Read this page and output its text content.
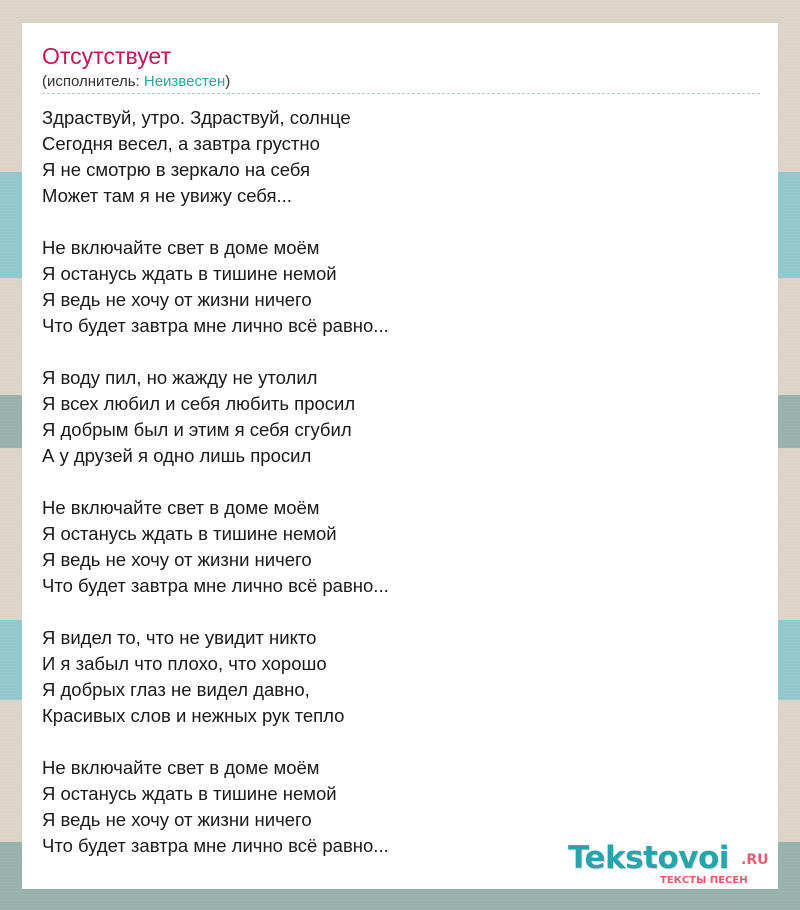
Отсутствует
(исполнитель: Неизвестен)
Здраствуй, утро. Здраствуй, солнце
Сегодня весел, а завтра грустно
Я не смотрю в зеркало на себя
Может там я не увижу себя...
Не включайте свет в доме моём
Я останусь ждать в тишине немой
Я ведь не хочу от жизни ничего
Что будет завтра мне лично всё равно...
Я воду пил, но жажду не утолил
Я всех любил и себя любить просил
Я добрым был и этим я себя сгубил
А у друзей я одно лишь просил
Не включайте свет в доме моём
Я останусь ждать в тишине немой
Я ведь не хочу от жизни ничего
Что будет завтра мне лично всё равно...
Я видел то, что не увидит никто
И я забыл что плохо, что хорошо
Я добрых глаз не видел давно,
Красивых слов и нежных рук тепло
Не включайте свет в доме моём
Я останусь ждать в тишине немой
Я ведь не хочу от жизни ничего
Что будет завтра мне лично всё равно...	Tekstovoi .RU
ТЕКСТЫ ПЕСЕН
